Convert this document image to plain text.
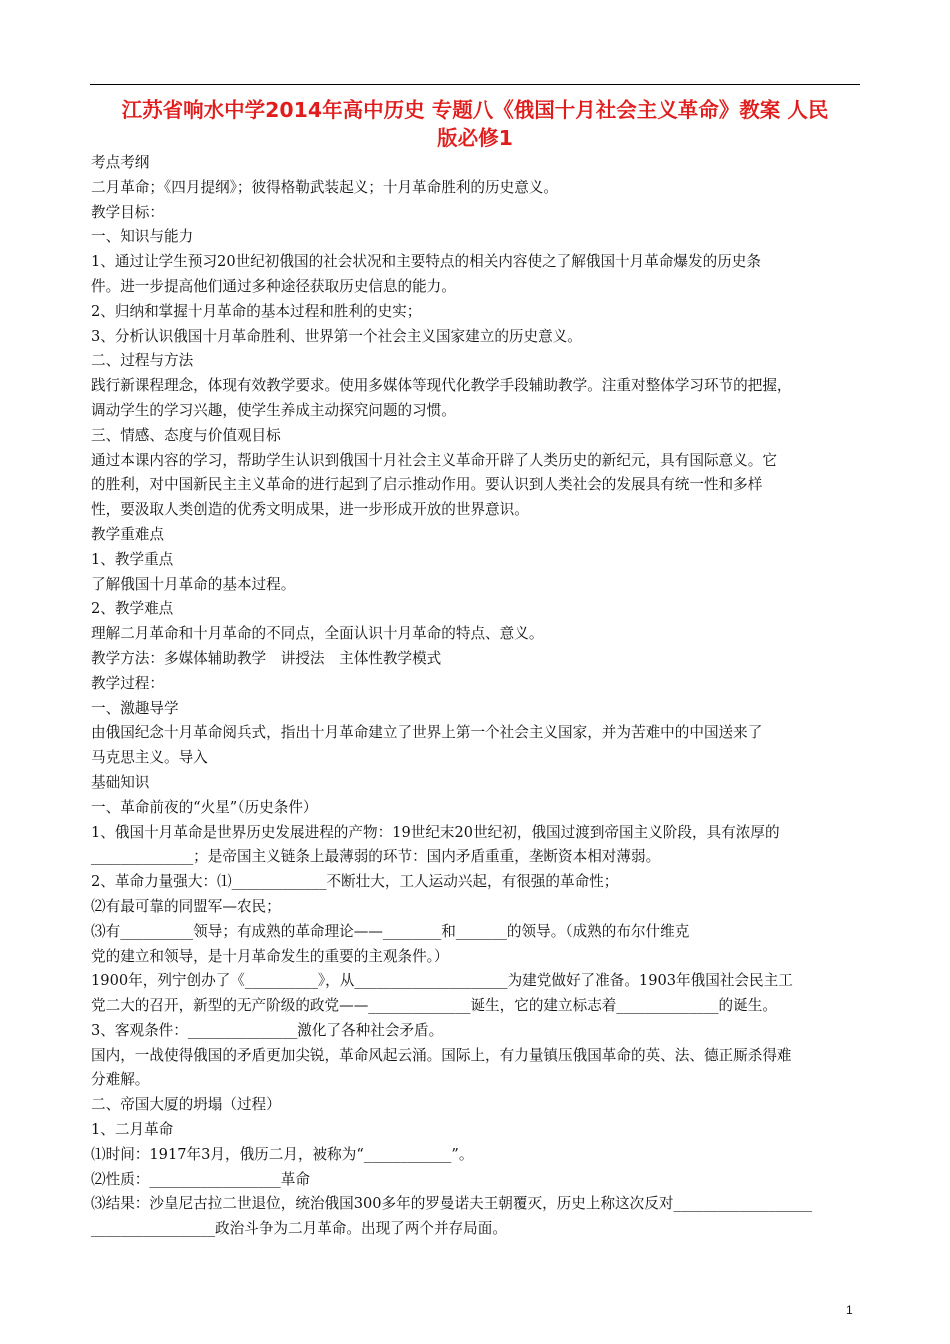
江苏省响水中学2014年高中历史 专题八《俄国十月社会主义革命》教案 人民
版必修1

考点考纲

二月革命；《四月提纲》；彼得格勒武装起义；十月革命胜利的历史意义。

教学目标：

一、知识与能力

1、通过让学生预习20世纪初俄国的社会状况和主要特点的相关内容使之了解俄国十月革命爆发的历史条

件。进一步提高他们通过多种途径获取历史信息的能力。

2、归纳和掌握十月革命的基本过程和胜利的史实；

3、分析认识俄国十月革命胜利、世界第一个社会主义国家建立的历史意义。

二、过程与方法

践行新课程理念，体现有效教学要求。使用多媒体等现代化教学手段辅助教学。注重对整体学习环节的把握，

调动学生的学习兴趣，使学生养成主动探究问题的习惯。

三、情感、态度与价值观目标

通过本课内容的学习，帮助学生认识到俄国十月社会主义革命开辟了人类历史的新纪元，具有国际意义。它

的胜利，对中国新民主主义革命的进行起到了启示推动作用。要认识到人类社会的发展具有统一性和多样

性，要汲取人类创造的优秀文明成果，进一步形成开放的世界意识。

教学重难点

1、教学重点

了解俄国十月革命的基本过程。

2、教学难点

理解二月革命和十月革命的不同点，全面认识十月革命的特点、意义。

教学方法：多媒体辅助教学　讲授法　主体性教学模式

教学过程：

一、激趣导学

由俄国纪念十月革命阅兵式，指出十月革命建立了世界上第一个社会主义国家，并为苦难中的中国送来了

马克思主义。导入

基础知识

一、革命前夜的“火星”（历史条件）

1、俄国十月革命是世界历史发展进程的产物：19世纪末20世纪初，俄国过渡到帝国主义阶段，具有浓厚的

______________；是帝国主义链条上最薄弱的环节：国内矛盾重重，垄断资本相对薄弱。

2、革命力量强大：⑴_____________不断壮大，工人运动兴起，有很强的革命性；

⑵有最可靠的同盟军—农民；

⑶有__________领导；有成熟的革命理论——________和_______的领导。（成熟的布尔什维克

党的建立和领导，是十月革命发生的重要的主观条件。）

1900年，列宁创办了《__________》，从_____________________为建党做好了准备。1903年俄国社会民主工

党二大的召开，新型的无产阶级的政党——______________诞生，它的建立标志着______________的诞生。

3、客观条件：_______________激化了各种社会矛盾。

国内，一战使得俄国的矛盾更加尖锐，革命风起云涌。国际上，有力量镇压俄国革命的英、法、德正厮杀得难

分难解。

二、帝国大厦的坍塌（过程）

1、二月革命

⑴时间：1917年3月，俄历二月，被称为“____________”。

⑵性质：__________________革命

⑶结果：沙皇尼古拉二世退位，统治俄国300多年的罗曼诺夫王朝覆灭，历史上称这次反对___________________

_________________政治斗争为二月革命。出现了两个并存局面。

1
